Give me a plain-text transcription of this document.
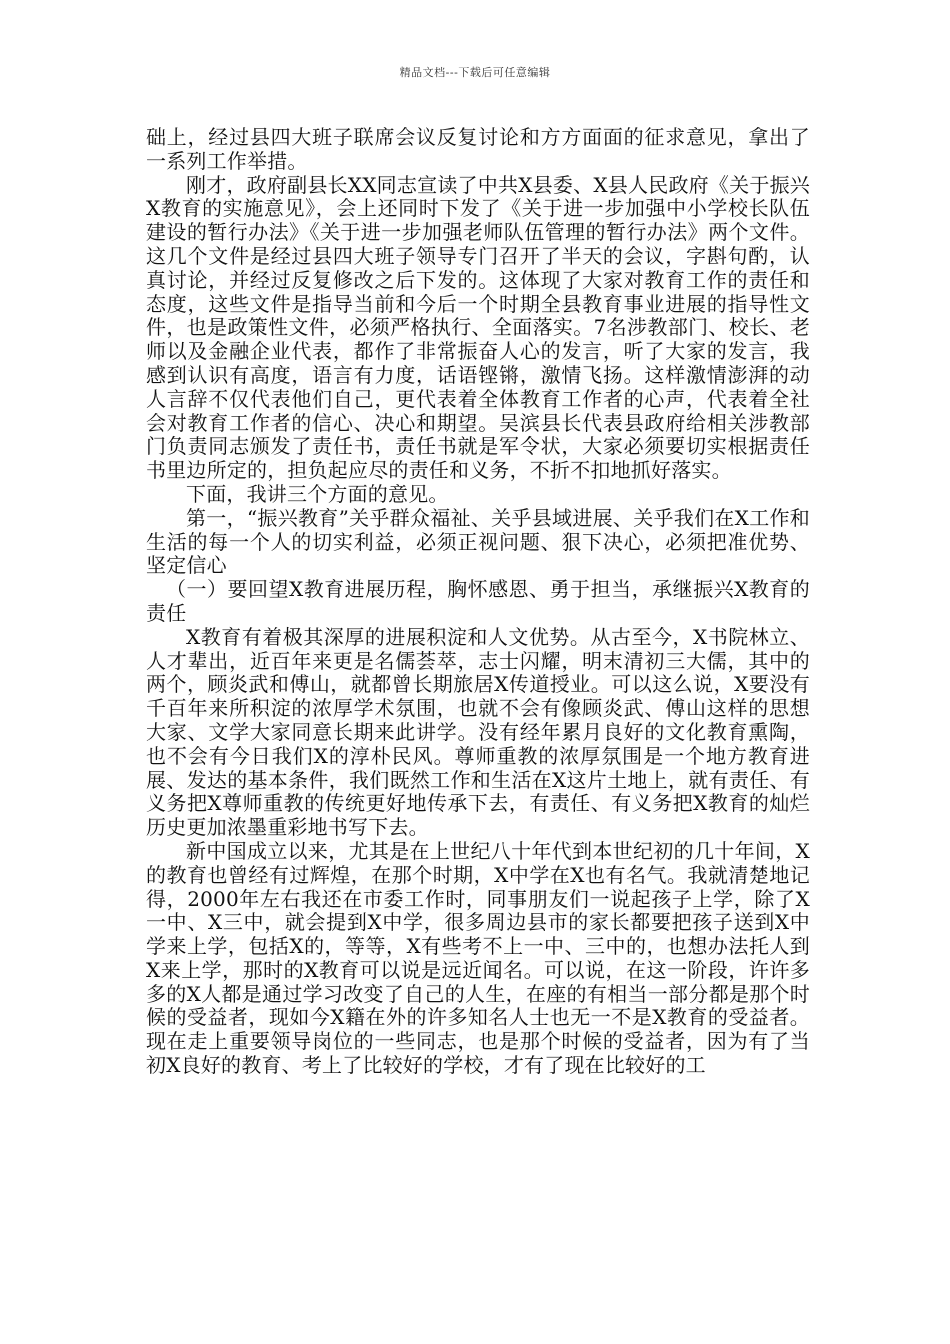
精品文档---下载后可任意编辑

础上，经过县四大班子联席会议反复讨论和方方面面的征求意见，拿出了一系列工作举措。

刚才，政府副县长XX同志宣读了中共X县委、X县人民政府《关于振兴X教育的实施意见》，会上还同时下发了《关于进一步加强中小学校长队伍建设的暂行办法》《关于进一步加强老师队伍管理的暂行办法》两个文件。这几个文件是经过县四大班子领导专门召开了半天的会议，字斟句酌，认真讨论，并经过反复修改之后下发的。这体现了大家对教育工作的责任和态度，这些文件是指导当前和今后一个时期全县教育事业进展的指导性文件，也是政策性文件，必须严格执行、全面落实。7名涉教部门、校长、老师以及金融企业代表，都作了非常振奋人心的发言，听了大家的发言，我感到认识有高度，语言有力度，话语铿锵，激情飞扬。这样激情澎湃的动人言辞不仅代表他们自己，更代表着全体教育工作者的心声，代表着全社会对教育工作者的信心、决心和期望。吴滨县长代表县政府给相关涉教部门负责同志颁发了责任书，责任书就是军令状，大家必须要切实根据责任书里边所定的，担负起应尽的责任和义务，不折不扣地抓好落实。

下面，我讲三个方面的意见。

第一，“振兴教育”关乎群众福祉、关乎县域进展、关乎我们在X工作和生活的每一个人的切实利益，必须正视问题、狠下决心，必须把准优势、坚定信心

（一）要回望X教育进展历程，胸怀感恩、勇于担当，承继振兴X教育的责任

X教育有着极其深厚的进展积淀和人文优势。从古至今，X书院林立、人才辈出，近百年来更是名儒荟萃，志士闪耀，明末清初三大儒，其中的两个，顾炎武和傅山，就都曾长期旅居X传道授业。可以这么说，X要没有千百年来所积淀的浓厚学术氛围，也就不会有像顾炎武、傅山这样的思想大家、文学大家同意长期来此讲学。没有经年累月良好的文化教育熏陶，也不会有今日我们X的淳朴民风。尊师重教的浓厚氛围是一个地方教育进展、发达的基本条件，我们既然工作和生活在X这片土地上，就有责任、有义务把X尊师重教的传统更好地传承下去，有责任、有义务把X教育的灿烂历史更加浓墨重彩地书写下去。

新中国成立以来，尤其是在上世纪八十年代到本世纪初的几十年间，X的教育也曾经有过辉煌，在那个时期，X中学在X也有名气。我就清楚地记得，2000年左右我还在市委工作时，同事朋友们一说起孩子上学，除了X一中、X三中，就会提到X中学，很多周边县市的家长都要把孩子送到X中学来上学，包括X的，等等，X有些考不上一中、三中的，也想办法托人到X来上学，那时的X教育可以说是远近闻名。可以说，在这一阶段，许许多多的X人都是通过学习改变了自己的人生，在座的有相当一部分都是那个时候的受益者，现如今X籍在外的许多知名人士也无一不是X教育的受益者。现在走上重要领导岗位的一些同志，也是那个时候的受益者，因为有了当初X良好的教育、考上了比较好的学校，才有了现在比较好的工
